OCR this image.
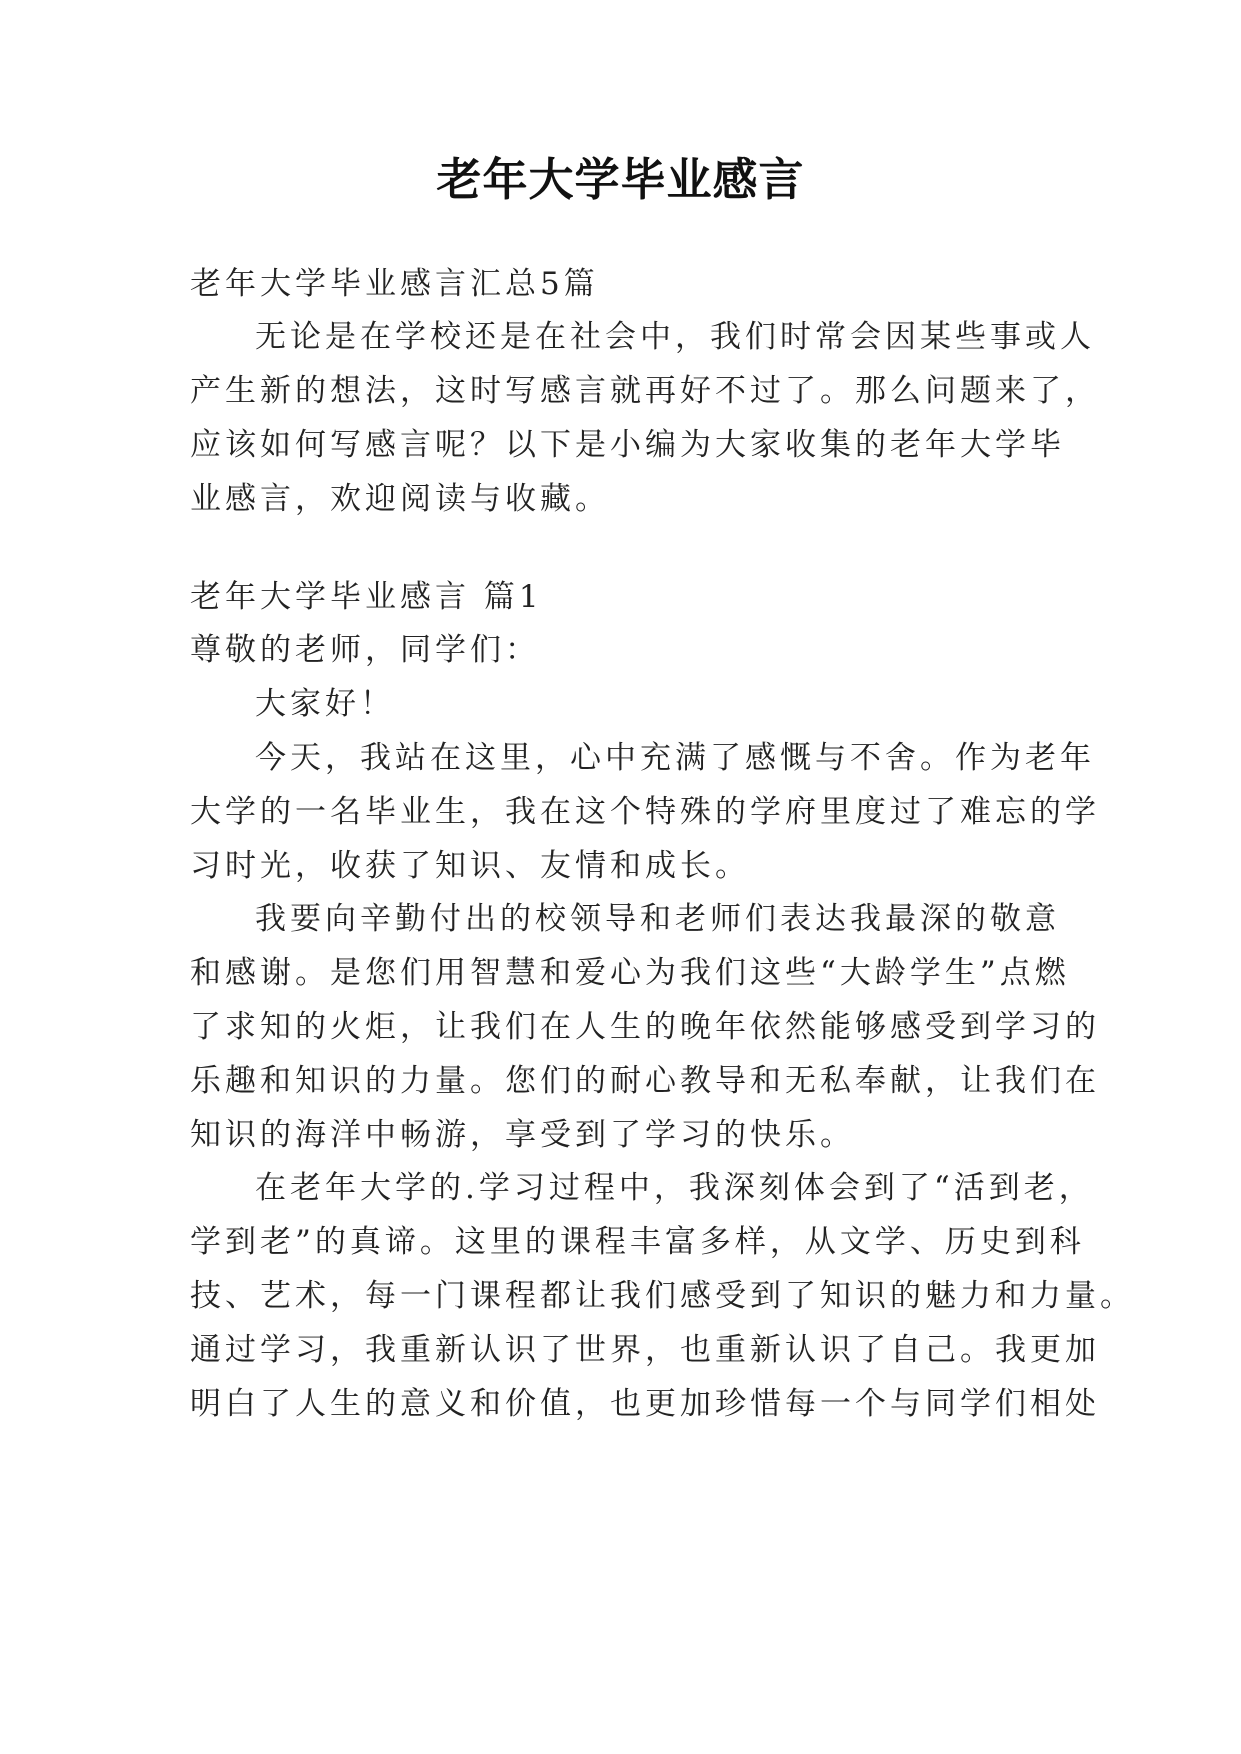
老年大学毕业感言
老年大学毕业感言汇总5篇
无论是在学校还是在社会中，我们时常会因某些事或人
产生新的想法，这时写感言就再好不过了。那么问题来了，
应该如何写感言呢？以下是小编为大家收集的老年大学毕
业感言，欢迎阅读与收藏。
老年大学毕业感言 篇1
尊敬的老师，同学们：
大家好！
今天，我站在这里，心中充满了感慨与不舍。作为老年
大学的一名毕业生，我在这个特殊的学府里度过了难忘的学
习时光，收获了知识、友情和成长。
我要向辛勤付出的校领导和老师们表达我最深的敬意
和感谢。是您们用智慧和爱心为我们这些“大龄学生”点燃
了求知的火炬，让我们在人生的晚年依然能够感受到学习的
乐趣和知识的力量。您们的耐心教导和无私奉献，让我们在
知识的海洋中畅游，享受到了学习的快乐。
在老年大学的.学习过程中，我深刻体会到了“活到老，
学到老”的真谛。这里的课程丰富多样，从文学、历史到科
技、艺术，每一门课程都让我们感受到了知识的魅力和力量。
通过学习，我重新认识了世界，也重新认识了自己。我更加
明白了人生的意义和价值，也更加珍惜每一个与同学们相处
